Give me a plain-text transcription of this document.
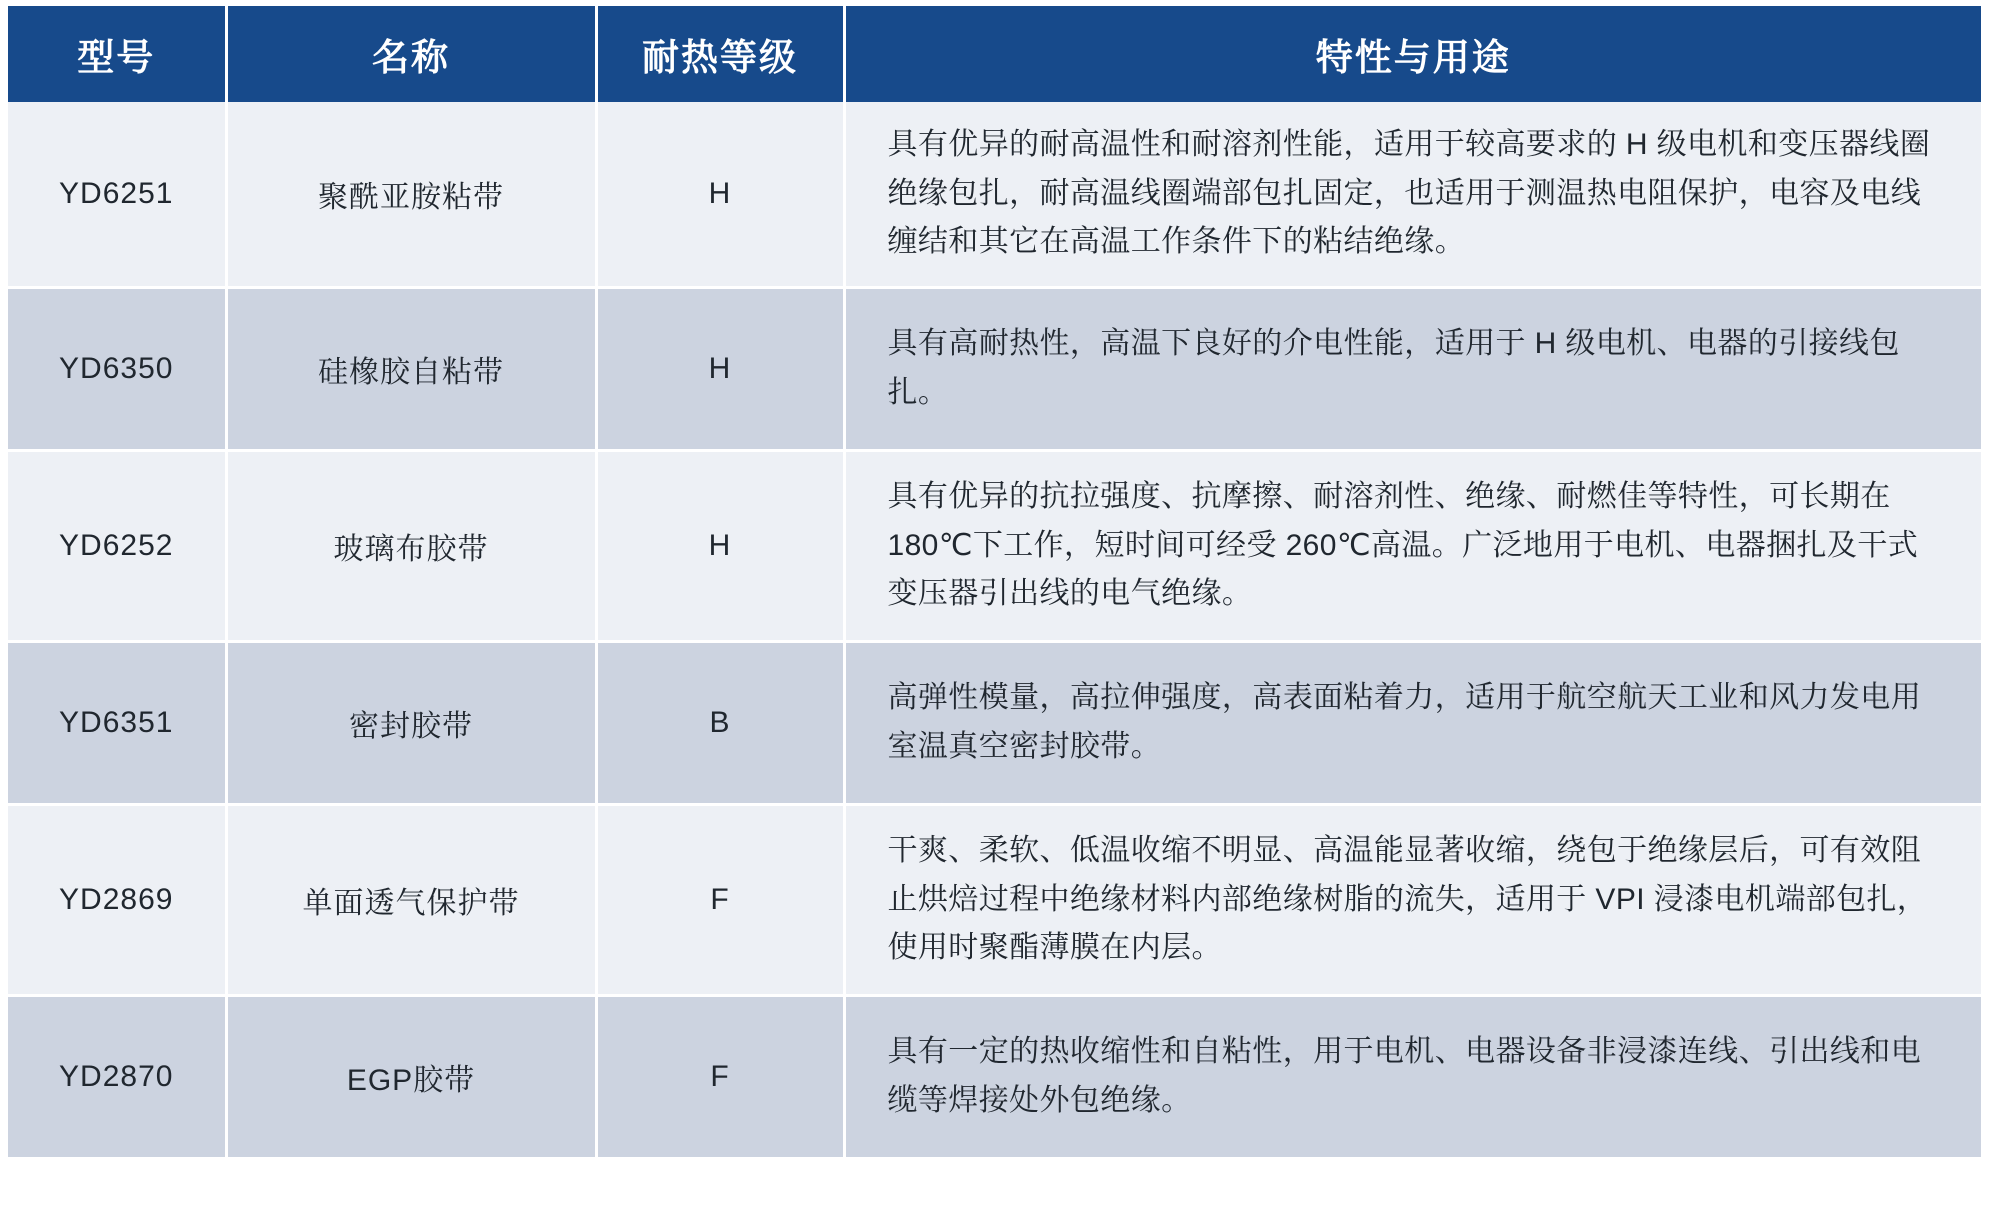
型号	名称	耐热等级	特性与用途
YD6251	聚酰亚胺粘带	H	具有优异的耐高温性和耐溶剂性能，适用于较高要求的 H 级电机和变压器线圈绝缘包扎，耐高温线圈端部包扎固定，也适用于测温热电阻保护，电容及电线缠结和其它在高温工作条件下的粘结绝缘。

YD6350	硅橡胶自粘带	H	具有高耐热性，高温下良好的介电性能，适用于 H 级电机、电器的引接线包扎。

YD6252	玻璃布胶带	H	具有优异的抗拉强度、抗摩擦、耐溶剂性、绝缘、耐燃佳等特性，可长期在 180℃下工作，短时间可经受 260℃高温。广泛地用于电机、电器捆扎及干式变压器引出线的电气绝缘。

YD6351	密封胶带	B	高弹性模量，高拉伸强度，高表面粘着力，适用于航空航天工业和风力发电用室温真空密封胶带。

YD2869	单面透气保护带	F	干爽、柔软、低温收缩不明显、高温能显著收缩，绕包于绝缘层后，可有效阻止烘焙过程中绝缘材料内部绝缘树脂的流失，适用于 VPI 浸漆电机端部包扎，使用时聚酯薄膜在内层。

YD2870	EGP胶带	F	具有一定的热收缩性和自粘性，用于电机、电器设备非浸漆连线、引出线和电缆等焊接处外包绝缘。
